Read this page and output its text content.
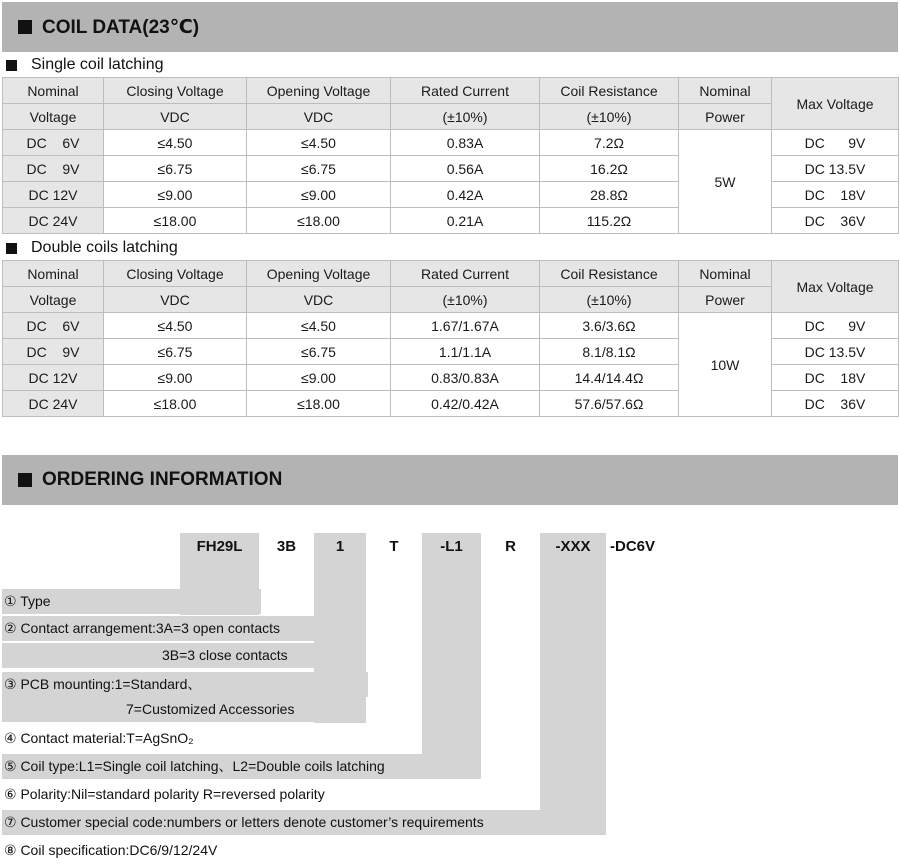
COIL DATA(23℃)
Single coil latching
Nominal	Closing Voltage	Opening Voltage	Rated Current	Coil Resistance	Nominal	Max Voltage
Voltage	VDC	VDC	(±10%)	(±10%)	Power	
DC    6V	≤4.50	≤4.50	0.83A	7.2Ω	5W	DC      9V
DC    9V	≤6.75	≤6.75	0.56A	16.2Ω		DC 13.5V
DC 12V	≤9.00	≤9.00	0.42A	28.8Ω		DC    18V
DC 24V	≤18.00	≤18.00	0.21A	115.2Ω		DC    36V
Double coils latching
Nominal	Closing Voltage	Opening Voltage	Rated Current	Coil Resistance	Nominal	Max Voltage
Voltage	VDC	VDC	(±10%)	(±10%)	Power	
DC    6V	≤4.50	≤4.50	1.67/1.67A	3.6/3.6Ω	10W	DC      9V
DC    9V	≤6.75	≤6.75	1.1/1.1A	8.1/8.1Ω		DC 13.5V
DC 12V	≤9.00	≤9.00	0.83/0.83A	14.4/14.4Ω		DC    18V
DC 24V	≤18.00	≤18.00	0.42/0.42A	57.6/57.6Ω		DC    36V
ORDERING INFORMATION
FH29L	3B	1	T	-L1	R	-XXX	-DC6V
① Type
② Contact arrangement:3A=3 open contacts
3B=3 close contacts
③ PCB mounting:1=Standard、
7=Customized Accessories
④ Contact material:T=AgSnO₂
⑤ Coil type:L1=Single coil latching、L2=Double coils latching
⑥ Polarity:Nil=standard polarity R=reversed polarity
⑦ Customer special code:numbers or letters denote customer’s requirements
⑧ Coil specification:DC6/9/12/24V
